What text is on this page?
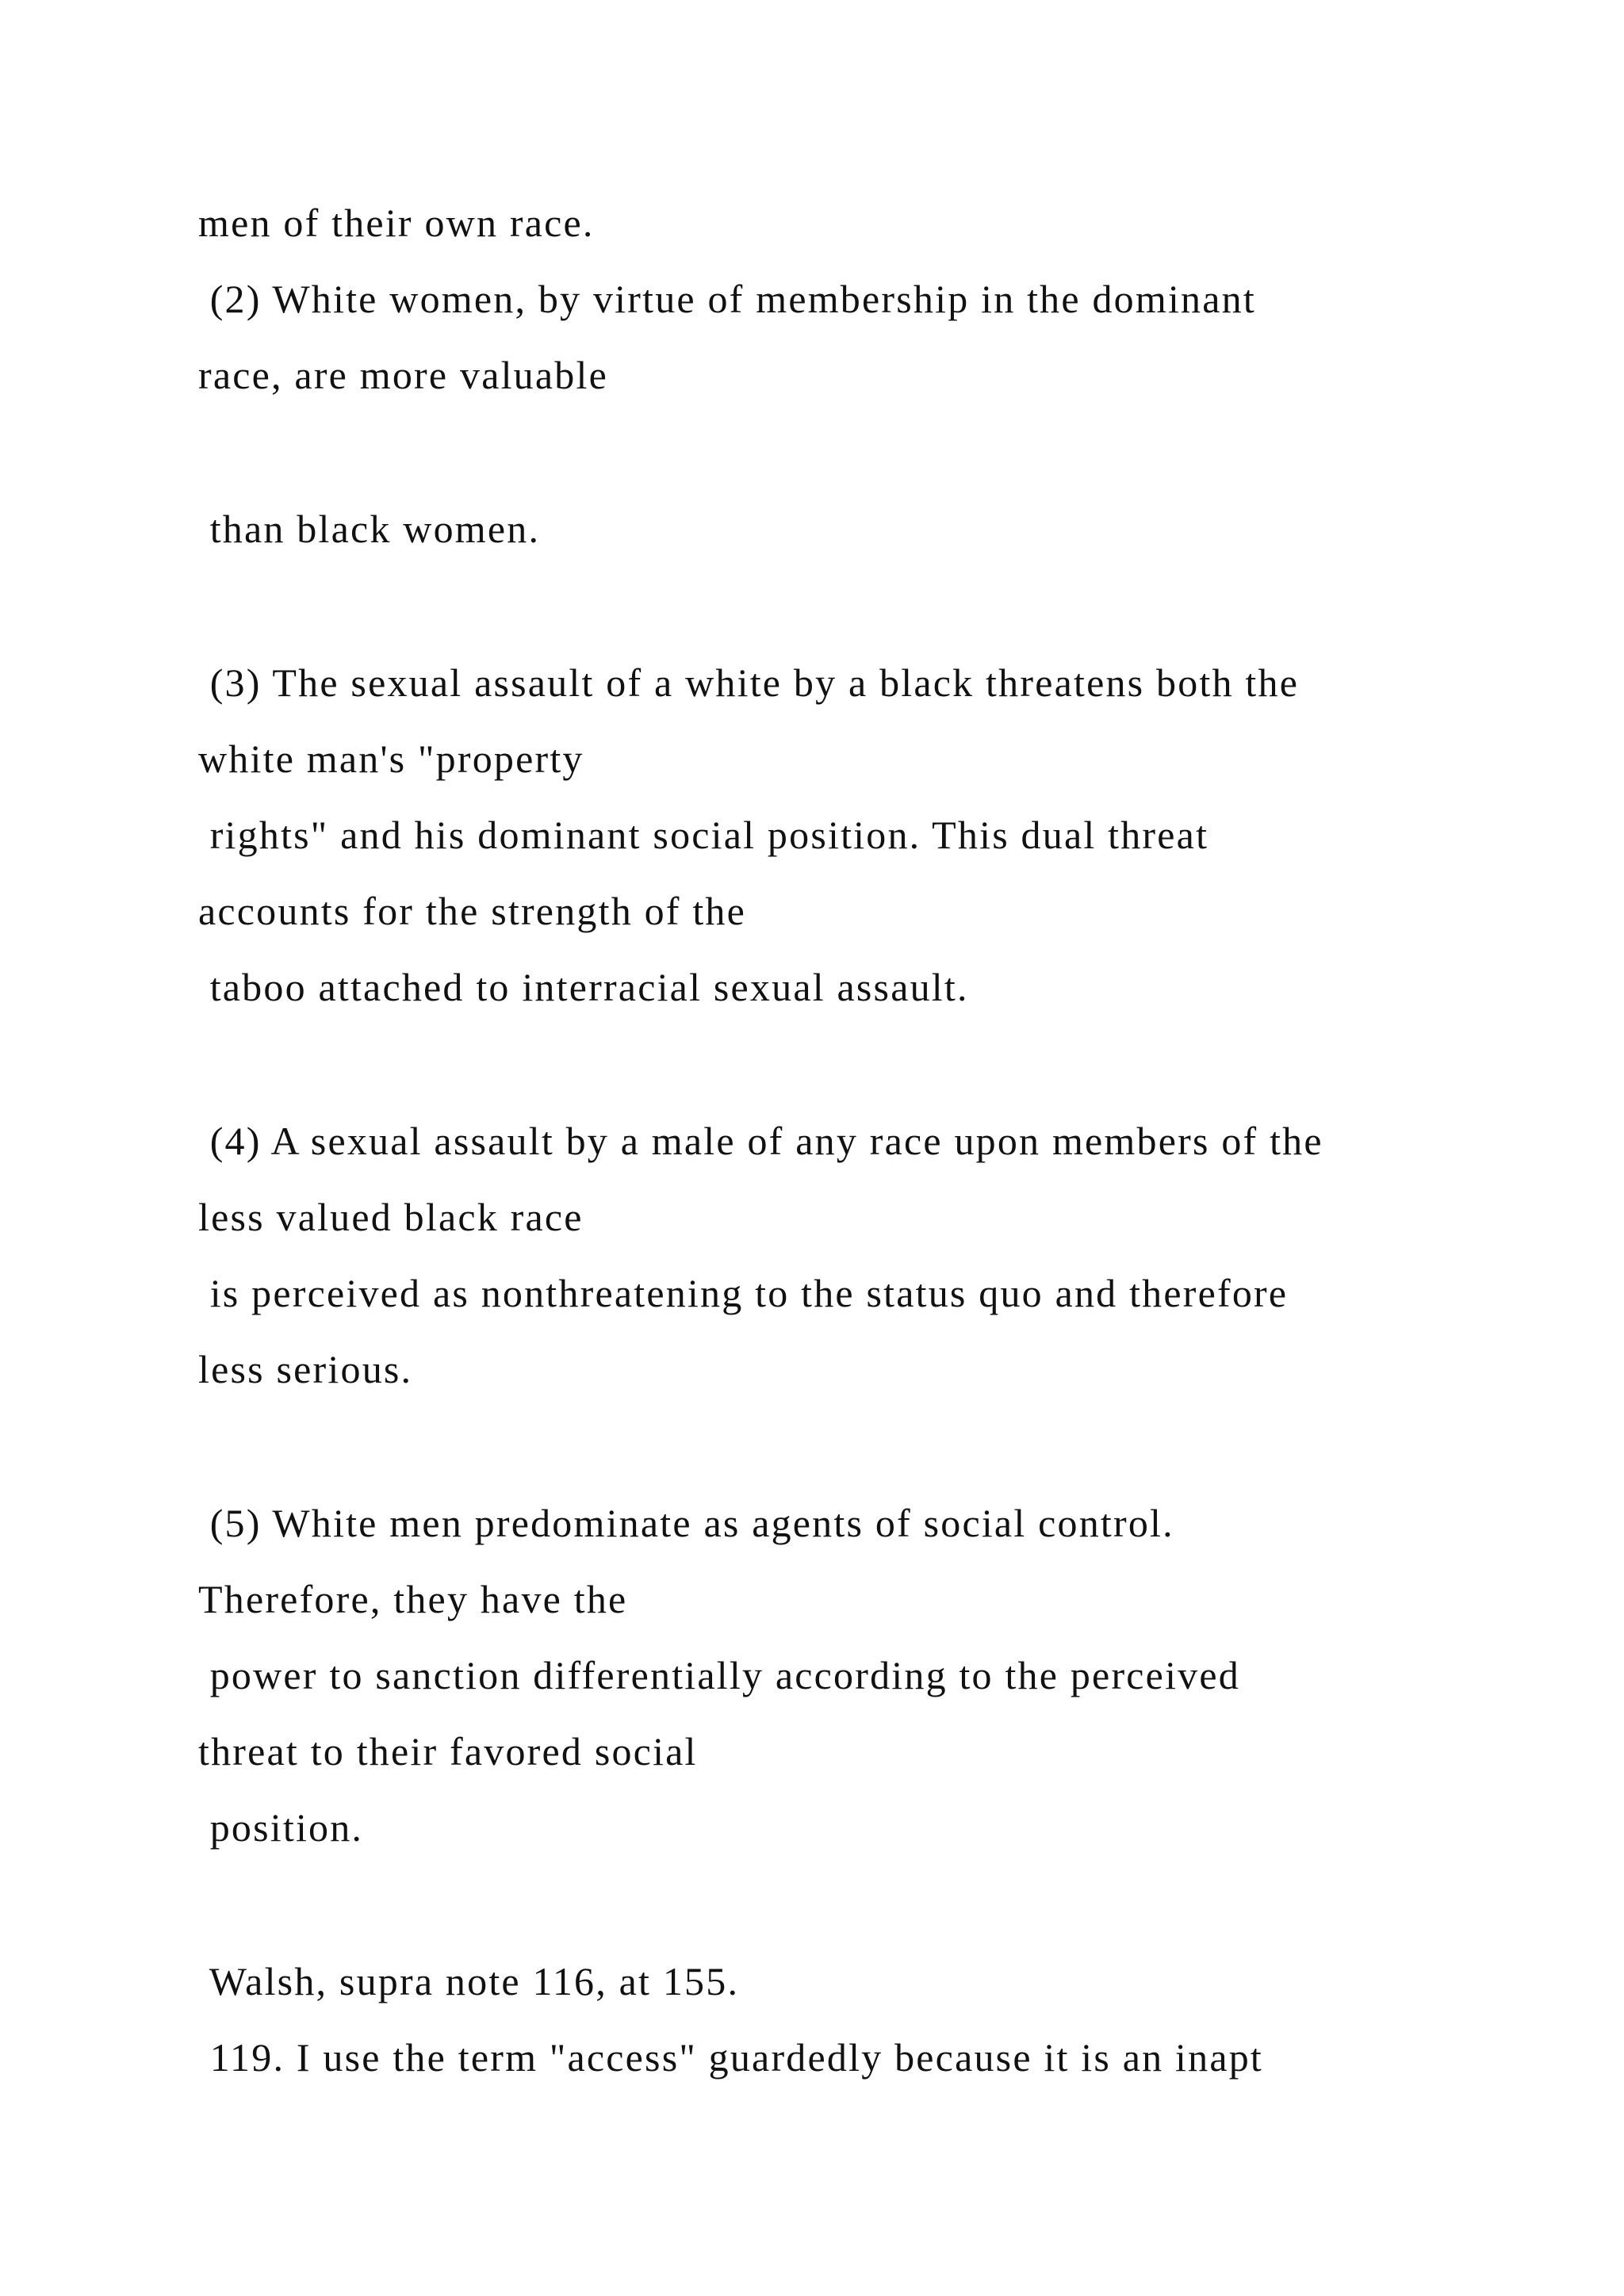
men of their own race.
(2) White women, by virtue of membership in the dominant
race, are more valuable
than black women.
(3) The sexual assault of a white by a black threatens both the
white man's "property
rights" and his dominant social position. This dual threat
accounts for the strength of the
taboo attached to interracial sexual assault.
(4) A sexual assault by a male of any race upon members of the
less valued black race
is perceived as nonthreatening to the status quo and therefore
less serious.
(5) White men predominate as agents of social control.
Therefore, they have the
power to sanction differentially according to the perceived
threat to their favored social
position.
Walsh, supra note 116, at 155.
119. I use the term "access" guardedly because it is an inapt
